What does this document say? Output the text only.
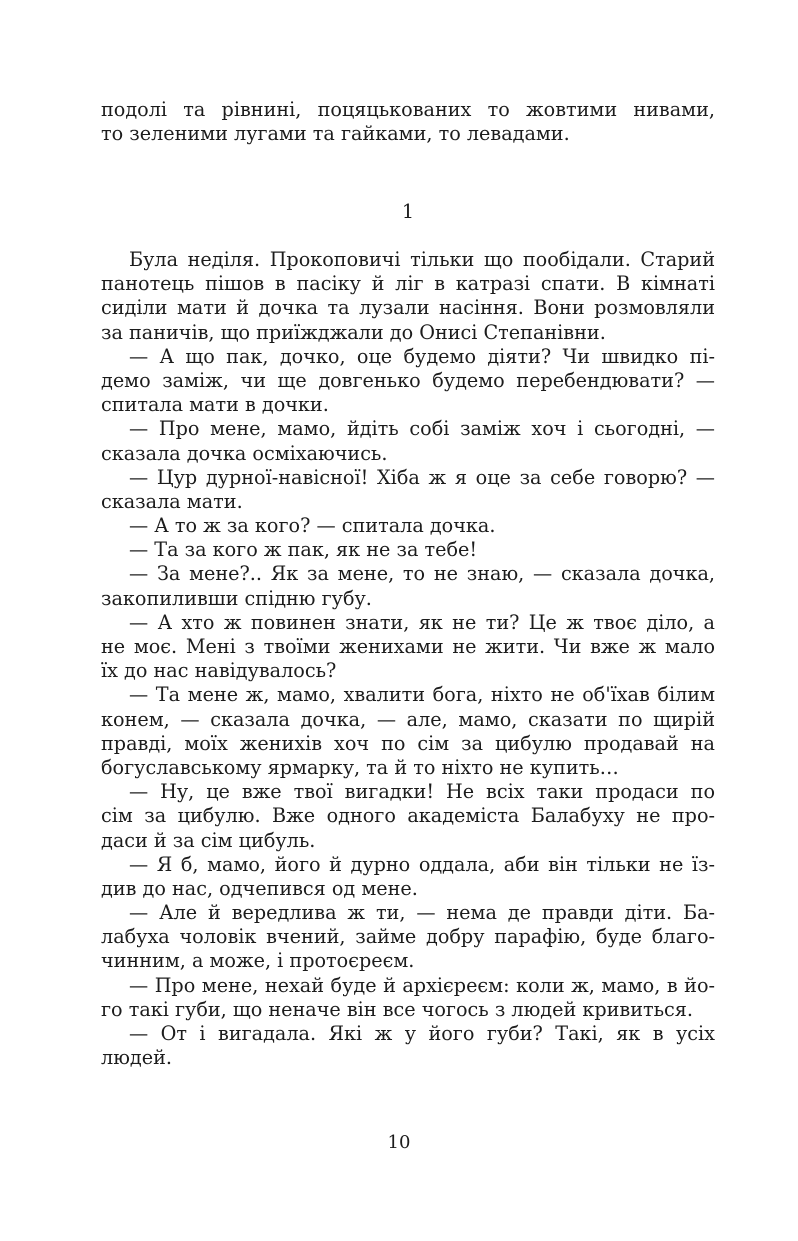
подолі та рівнині, поцяцькованих то жовтими нивами,
то зеленими лугами та гайками, то левадами.
1
Була неділя. Прокоповичі тільки що пообідали. Старий
панотець пішов в пасіку й ліг в катразі спати. В кімнаті
сиділи мати й дочка та лузали насіння. Вони розмовляли
за паничів, що приїжджали до Онисі Степанівни.
— А що пак, дочко, оце будемо діяти? Чи швидко пі-
демо заміж, чи ще довгенько будемо перебендювати? —
спитала мати в дочки.
— Про мене, мамо, йдіть собі заміж хоч і сьогодні, —
сказала дочка осміхаючись.
— Цур дурної-навісної! Хіба ж я оце за себе говорю? —
сказала мати.
— А то ж за кого? — спитала дочка.
— Та за кого ж пак, як не за тебе!
— За мене?.. Як за мене, то не знаю, — сказала дочка,
закопиливши спідню губу.
— А хто ж повинен знати, як не ти? Це ж твоє діло, а
не моє. Мені з твоїми женихами не жити. Чи вже ж мало
їх до нас навідувалось?
— Та мене ж, мамо, хвалити бога, ніхто не об'їхав білим
конем, — сказала дочка, — але, мамо, сказати по щирій
правді, моїх женихів хоч по сім за цибулю продавай на
богуславському ярмарку, та й то ніхто не купить…
— Ну, це вже твої вигадки! Не всіх таки продаси по
сім за цибулю. Вже одного академіста Балабуху не про-
даси й за сім цибуль.
— Я б, мамо, його й дурно оддала, аби він тільки не їз-
див до нас, одчепився од мене.
— Але й вередлива ж ти, — нема де правди діти. Ба-
лабуха чоловік вчений, займе добру парафію, буде благо-
чинним, а може, і протоєреєм.
— Про мене, нехай буде й архієреєм: коли ж, мамо, в йо-
го такі губи, що неначе він все чогось з людей кривиться.
— От і вигадала. Які ж у його губи? Такі, як в усіх
людей.
10
